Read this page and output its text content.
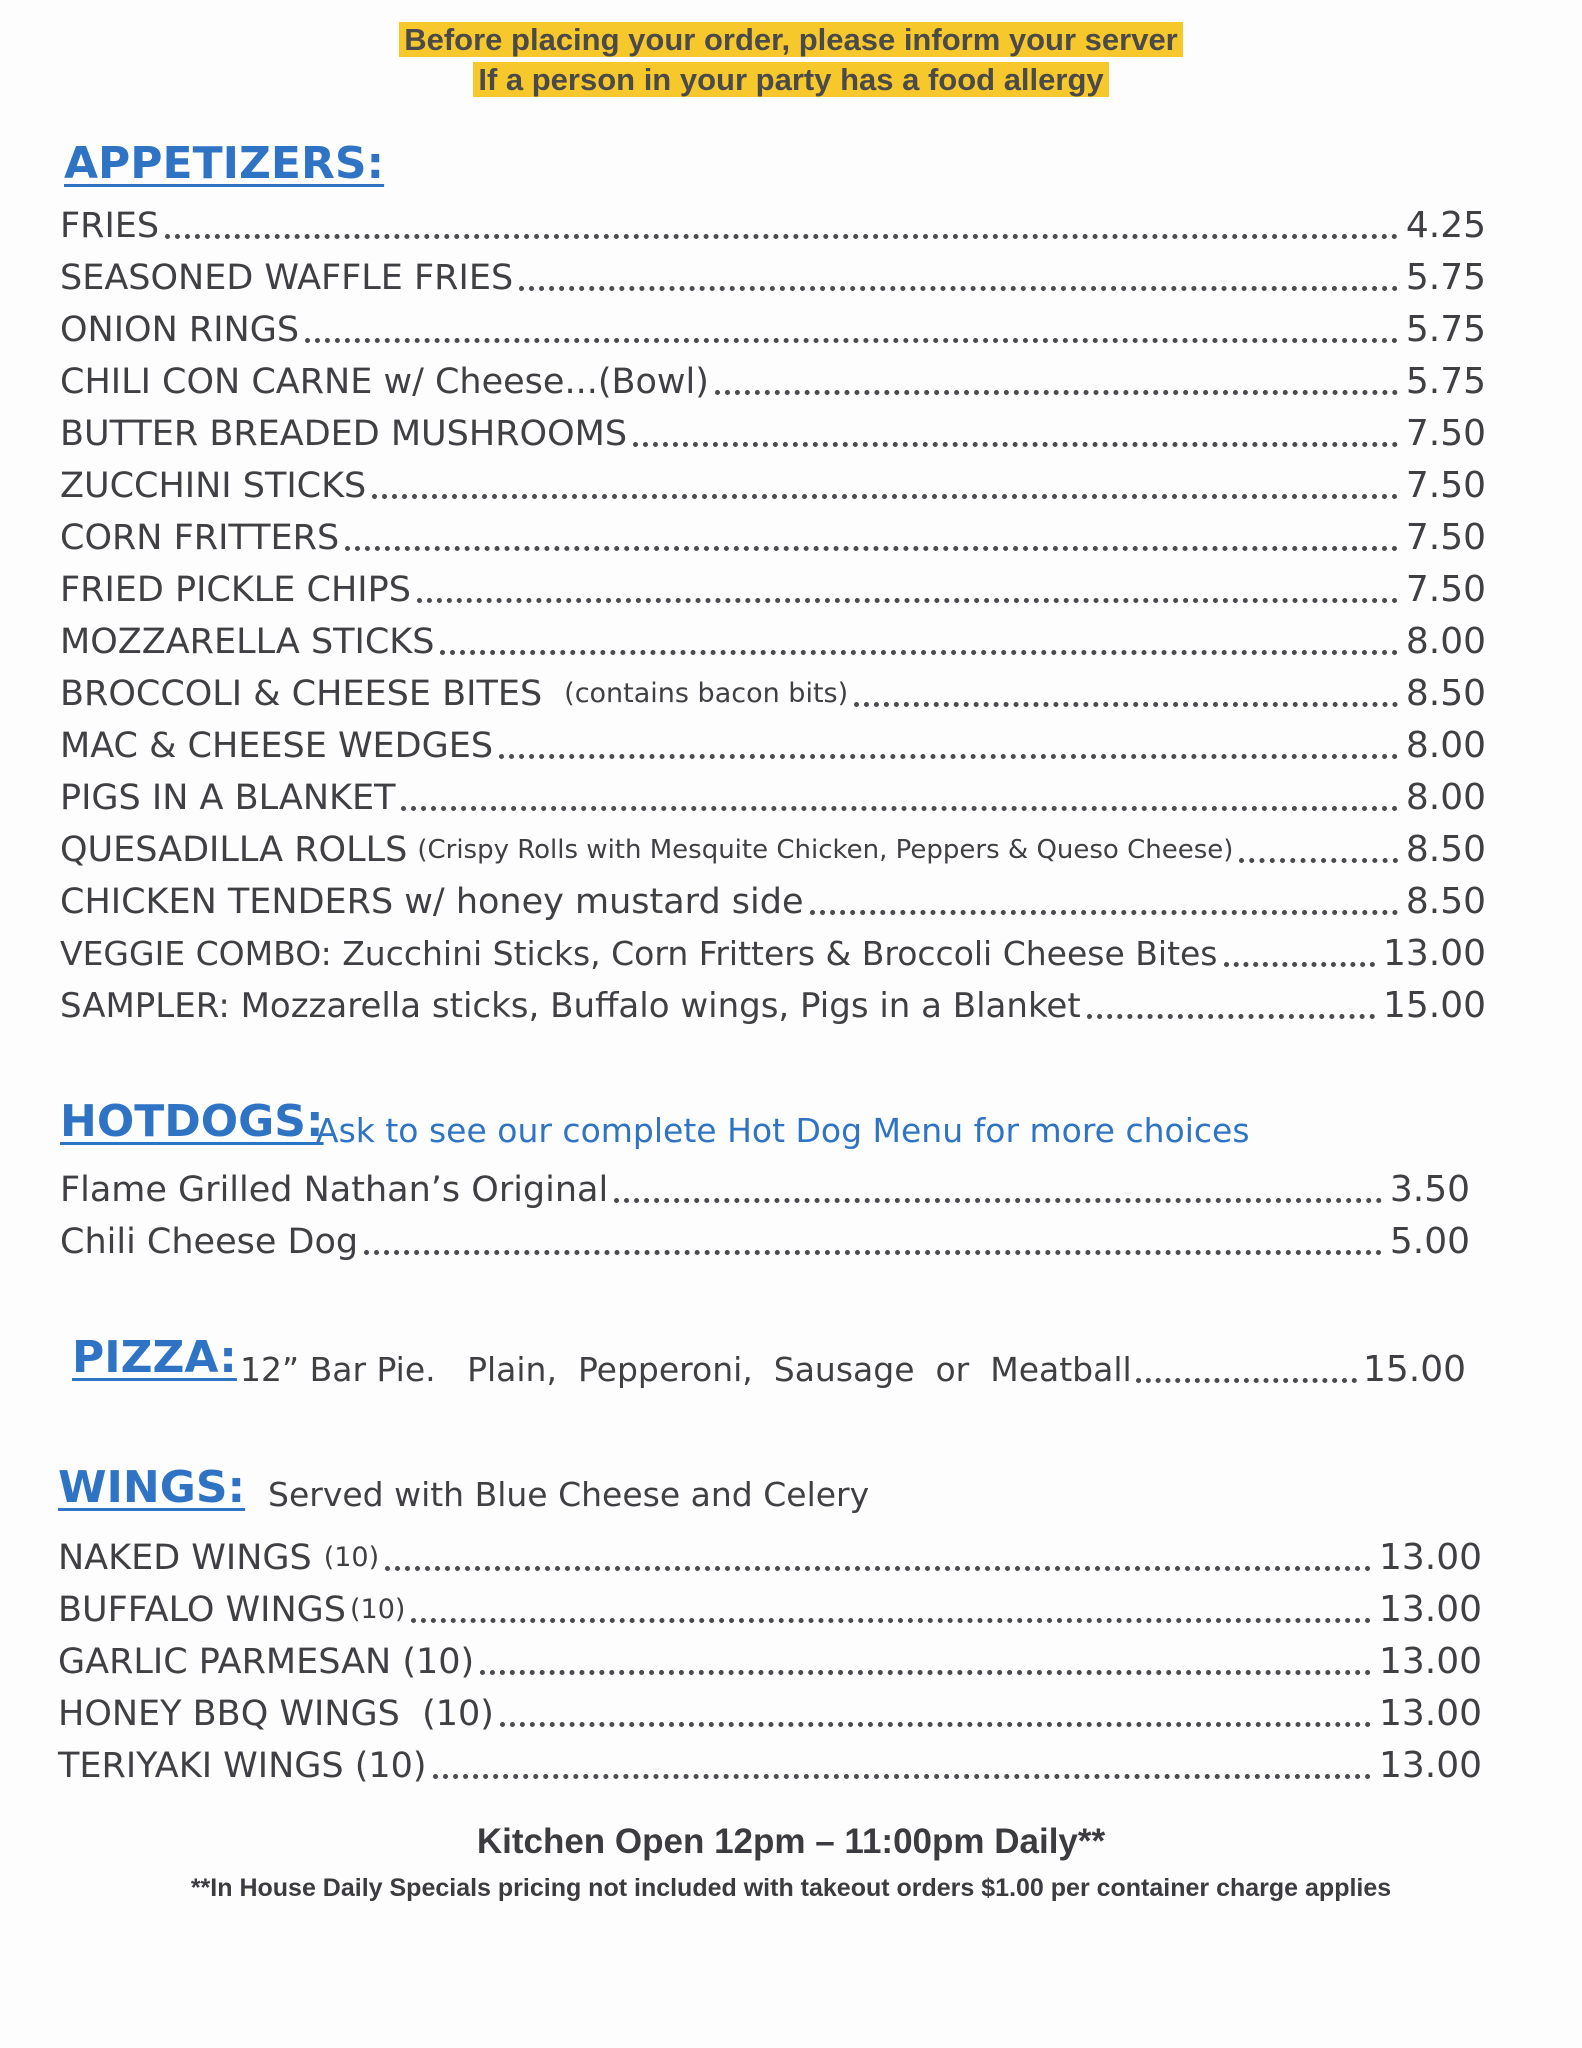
Before placing your order, please inform your server
If a person in your party has a food allergy
APPETIZERS:
FRIES	4.25
SEASONED WAFFLE FRIES	5.75
ONION RINGS	5.75
CHILI CON CARNE w/ Cheese...(Bowl)	5.75
BUTTER BREADED MUSHROOMS	7.50
ZUCCHINI STICKS	7.50
CORN FRITTERS	7.50
FRIED PICKLE CHIPS	7.50
MOZZARELLA STICKS	8.00
BROCCOLI & CHEESE BITES (contains bacon bits)	8.50
MAC & CHEESE WEDGES	8.00
PIGS IN A BLANKET	8.00
QUESADILLA ROLLS (Crispy Rolls with Mesquite Chicken, Peppers & Queso Cheese)	8.50
CHICKEN TENDERS w/ honey mustard side	8.50
VEGGIE COMBO: Zucchini Sticks, Corn Fritters & Broccoli Cheese Bites	13.00
SAMPLER: Mozzarella sticks, Buffalo wings, Pigs in a Blanket	15.00
HOTDOGS:
Ask to see our complete Hot Dog Menu for more choices
Flame Grilled Nathan’s Original	3.50
Chili Cheese Dog	5.00
PIZZA: 12” Bar Pie.   Plain,  Pepperoni,  Sausage  or  Meatball	15.00
WINGS: Served with Blue Cheese and Celery
NAKED WINGS (10)	13.00
BUFFALO WINGS (10)	13.00
GARLIC PARMESAN (10)	13.00
HONEY BBQ WINGS  (10)	13.00
TERIYAKI WINGS (10)	13.00
Kitchen Open 12pm – 11:00pm Daily**
**In House Daily Specials pricing not included with takeout orders $1.00 per container charge applies
